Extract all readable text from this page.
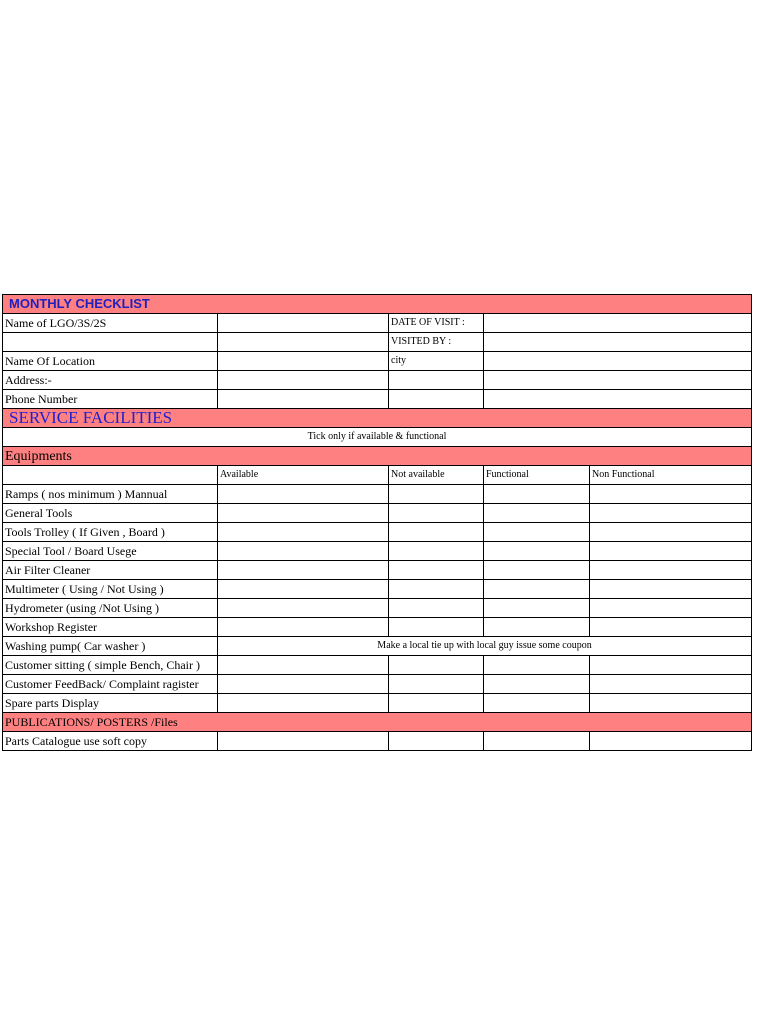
MONTHLY CHECKLIST				
Name of LGO/3S/2S		DATE OF VISIT :		
		VISITED BY :		
Name Of Location		city		
Address:-				
Phone Number				
SERVICE FACILITIES				
Tick only if available & functional				
Equipments				
	Available	Not available	Functional	Non Functional
Ramps ( nos minimum ) Mannual				
General Tools				
Tools Trolley ( If Given , Board )				
Special Tool / Board Usege				
Air Filter Cleaner				
Multimeter ( Using / Not Using )				
Hydrometer (using /Not Using )				
Workshop Register				
Washing pump( Car washer )	Make a local tie up with local guy issue some coupon			
Customer sitting ( simple Bench, Chair )				
Customer FeedBack/ Complaint ragister				
Spare parts Display				
PUBLICATIONS/ POSTERS /Files				
Parts Catalogue use soft copy				
